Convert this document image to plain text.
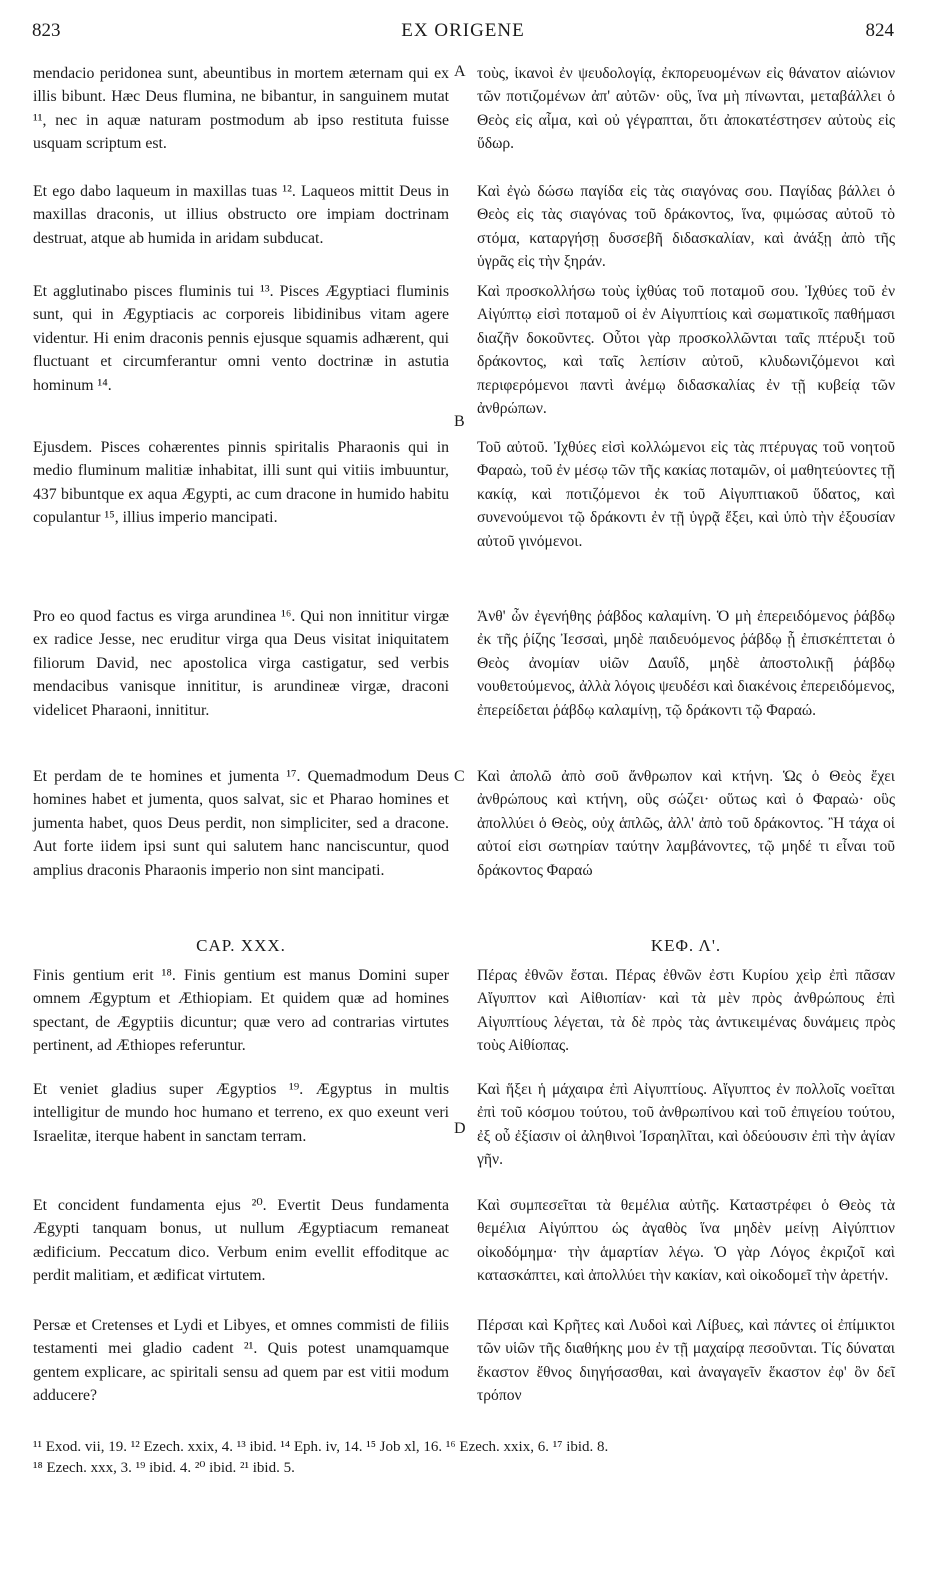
823	EX ORIGENE	824
mendacio peridonea sunt, abeuntibus in mortem æternam qui ex illis bibunt. Hæc Deus flumina, ne bibantur, in sanguinem mutat ¹¹, nec in aquæ naturam postmodum ab ipso restituta fuisse usquam scriptum est.
Et ego dabo laqueum in maxillas tuas ¹². Laqueos mittit Deus in maxillas draconis, ut illius obstructo ore impiam doctrinam destruat, atque ab humida in aridam subducat.
Et agglutinabo pisces fluminis tui ¹³. Pisces Ægyptiaci fluminis sunt, qui in Ægyptiacis ac corporeis libidinibus vitam agere videntur. Hi enim draconis pennis ejusque squamis adhærent, qui fluctuant et circumferantur omni vento doctrinæ in astutia hominum ¹⁴.
Ejusdem. Pisces cohærentes pinnis spiritalis Pharaonis qui in medio fluminum malitiæ inhabitat, illi sunt qui vitiis imbuuntur, 437 bibuntque ex aqua Ægypti, ac cum dracone in humido habitu copulantur ¹⁵, illius imperio mancipati.
Pro eo quod factus es virga arundinea ¹⁶. Qui non innititur virgæ ex radice Jesse, nec eruditur virga qua Deus visitat iniquitatem filiorum David, nec apostolica virga castigatur, sed verbis mendacibus vanisque innititur, is arundineæ virgæ, draconi videlicet Pharaoni, innititur.
Et perdam de te homines et jumenta ¹⁷. Quemadmodum Deus homines habet et jumenta, quos salvat, sic et Pharao homines et jumenta habet, quos Deus perdit, non simpliciter, sed a dracone. Aut forte iidem ipsi sunt qui salutem hanc nanciscuntur, quod amplius draconis Pharaonis imperio non sint mancipati.
CAP. XXX.
Finis gentium erit ¹⁸. Finis gentium est manus Domini super omnem Ægyptum et Æthiopiam. Et quidem quæ ad homines spectant, de Ægyptiis dicuntur; quæ vero ad contrarias virtutes pertinent, ad Æthiopes referuntur.
Et veniet gladius super Ægyptios ¹⁹. Ægyptus in multis intelligitur de mundo hoc humano et terreno, ex quo exeunt veri Israelitæ, iterque habent in sanctam terram.
Et concident fundamenta ejus ²⁰. Evertit Deus fundamenta Ægypti tanquam bonus, ut nullum Ægyptiacum remaneat ædificium. Peccatum dico. Verbum enim evellit effoditque ac perdit malitiam, et ædificat virtutem.
Persæ et Cretenses et Lydi et Libyes, et omnes commisti de filiis testamenti mei gladio cadent ²¹. Quis potest unamquamque gentem explicare, ac spiritali sensu ad quem par est vitii modum adducere?
A
B
C
D
τοὺς, ἱκανοὶ ἐν ψευδολογίᾳ, ἐκπορευομένων εἰς θάνατον αἰώνιον τῶν ποτιζομένων ἀπ' αὐτῶν· οὓς, ἵνα μὴ πίνωνται, μεταβάλλει ὁ Θεὸς εἰς αἷμα, καὶ οὐ γέγραπται, ὅτι ἀποκατέστησεν αὐτοὺς εἰς ὕδωρ.
Καὶ ἐγὼ δώσω παγίδα εἰς τὰς σιαγόνας σου. Παγίδας βάλλει ὁ Θεὸς εἰς τὰς σιαγόνας τοῦ δράκοντος, ἵνα, φιμώσας αὐτοῦ τὸ στόμα, καταργήσῃ δυσσεβῆ διδασκαλίαν, καὶ ἀνάξῃ ἀπὸ τῆς ὑγρᾶς εἰς τὴν ξηράν.
Καὶ προσκολλήσω τοὺς ἰχθύας τοῦ ποταμοῦ σου. Ἰχθύες τοῦ ἐν Αἰγύπτῳ εἰσὶ ποταμοῦ οἱ ἐν Αἰγυπτίοις καὶ σωματικοῖς παθήμασι διαζῆν δοκοῦντες. Οὗτοι γὰρ προσκολλῶνται ταῖς πτέρυξι τοῦ δράκοντος, καὶ ταῖς λεπίσιν αὐτοῦ, κλυδωνιζόμενοι καὶ περιφερόμενοι παντὶ ἀνέμῳ διδασκαλίας ἐν τῇ κυβείᾳ τῶν ἀνθρώπων.
Τοῦ αὐτοῦ. Ἰχθύες εἰσὶ κολλώμενοι εἰς τὰς πτέρυγας τοῦ νοητοῦ Φαραὼ, τοῦ ἐν μέσῳ τῶν τῆς κακίας ποταμῶν, οἱ μαθητεύοντες τῇ κακίᾳ, καὶ ποτιζόμενοι ἐκ τοῦ Αἰγυπτιακοῦ ὕδατος, καὶ συνενούμενοι τῷ δράκοντι ἐν τῇ ὑγρᾷ ἕξει, καὶ ὑπὸ τὴν ἐξουσίαν αὐτοῦ γινόμενοι.
Ἀνθ' ὧν ἐγενήθης ῥάβδος καλαμίνη. Ὁ μὴ ἐπερειδόμενος ῥάβδῳ ἐκ τῆς ῥίζης Ἰεσσαὶ, μηδὲ παιδευόμενος ῥάβδῳ ᾗ ἐπισκέπτεται ὁ Θεὸς ἀνομίαν υἱῶν Δαυΐδ, μηδὲ ἀποστολικῇ ῥάβδῳ νουθετούμενος, ἀλλὰ λόγοις ψευδέσι καὶ διακένοις ἐπερειδόμενος, ἐπερείδεται ῥάβδῳ καλαμίνῃ, τῷ δράκοντι τῷ Φαραώ.
Καὶ ἀπολῶ ἀπὸ σοῦ ἄνθρωπον καὶ κτήνη. Ὡς ὁ Θεὸς ἔχει ἀνθρώπους καὶ κτήνη, οὓς σώζει· οὕτως καὶ ὁ Φαραὼ· οὓς ἀπολλύει ὁ Θεὸς, οὐχ ἁπλῶς, ἀλλ' ἀπὸ τοῦ δράκοντος. Ἢ τάχα οἱ αὐτοί εἰσι σωτηρίαν ταύτην λαμβάνοντες, τῷ μηδέ τι εἶναι τοῦ δράκοντος Φαραώ
ΚΕΦ. Λ'.
Πέρας ἐθνῶν ἔσται. Πέρας ἐθνῶν ἐστι Κυρίου χεὶρ ἐπὶ πᾶσαν Αἴγυπτον καὶ Αἰθιοπίαν· καὶ τὰ μὲν πρὸς ἀνθρώπους ἐπὶ Αἰγυπτίους λέγεται, τὰ δὲ πρὸς τὰς ἀντικειμένας δυνάμεις πρὸς τοὺς Αἰθίοπας.
Καὶ ἥξει ἡ μάχαιρα ἐπὶ Αἰγυπτίους. Αἴγυπτος ἐν πολλοῖς νοεῖται ἐπὶ τοῦ κόσμου τούτου, τοῦ ἀνθρωπίνου καὶ τοῦ ἐπιγείου τούτου, ἐξ οὗ ἐξίασιν οἱ ἀληθινοὶ Ἰσραηλῖται, καὶ ὁδεύουσιν ἐπὶ τὴν ἁγίαν γῆν.
Καὶ συμπεσεῖται τὰ θεμέλια αὐτῆς. Καταστρέφει ὁ Θεὸς τὰ θεμέλια Αἰγύπτου ὡς ἀγαθὸς ἵνα μηδὲν μείνῃ Αἰγύπτιον οἰκοδόμημα· τὴν ἁμαρτίαν λέγω. Ὁ γὰρ Λόγος ἐκριζοῖ καὶ κατασκάπτει, καὶ ἀπολλύει τὴν κακίαν, καὶ οἰκοδομεῖ τὴν ἀρετήν.
Πέρσαι καὶ Κρῆτες καὶ Λυδοὶ καὶ Λίβυες, καὶ πάντες οἱ ἐπίμικτοι τῶν υἱῶν τῆς διαθήκης μου ἐν τῇ μαχαίρᾳ πεσοῦνται. Τίς δύναται ἕκαστον ἔθνος διηγήσασθαι, καὶ ἀναγαγεῖν ἕκαστον ἐφ' ὃν δεῖ τρόπον
¹¹ Exod. vii, 19. ¹² Ezech. xxix, 4. ¹³ ibid. ¹⁴ Eph. iv, 14. ¹⁵ Job xl, 16. ¹⁶ Ezech. xxix, 6. ¹⁷ ibid. 8.
¹⁸ Ezech. xxx, 3. ¹⁹ ibid. 4. ²⁰ ibid. ²¹ ibid. 5.
